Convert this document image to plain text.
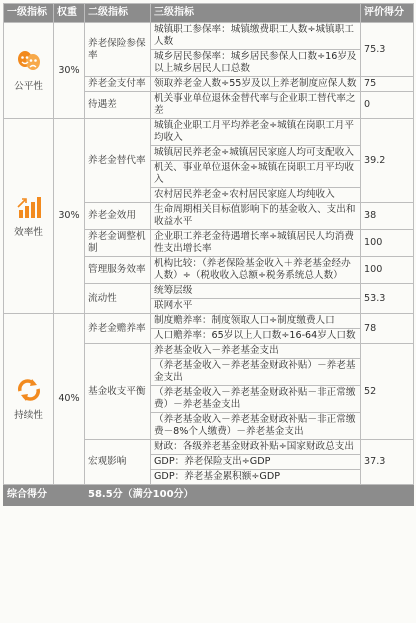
一级指标	权重	二级指标	三级指标	评价得分

公平性	30%	养老保险参保率	城镇职工参保率：城镇缴费职工人数÷城镇职工人数	75.3
			城乡居民参保率：城乡居民参保人口数÷16岁及以上城乡居民人口总数	
		养老金支付率	领取养老金人数÷55岁及以上养老制度应保人数	75
		待遇差	机关事业单位退休金替代率与企业职工替代率之差	0

效率性	30%	养老金替代率	城镇企业职工月平均养老金÷城镇在岗职工月平均收入	39.2
			城镇居民养老金÷城镇居民家庭人均可支配收入	
			机关、事业单位退休金÷城镇在岗职工月平均收入	
			农村居民养老金÷农村居民家庭人均纯收入	
		养老金效用	生命周期相关目标值影响下的基金收入、支出和收益水平	38
		养老金调整机制	企业职工养老金待遇增长率÷城镇居民人均消费性支出增长率	100
		管理服务效率	机构比较：（养老保险基金收入＋养老基金经办人数）÷（税收收入总额÷税务系统总人数）	100
		流动性	统筹层级	53.3
			联网水平	

持续性	40%	养老金赡养率	制度赡养率：制度领取人口÷制度缴费人口	78
			人口赡养率：65岁以上人口数÷16-64岁人口数	
		基金收支平衡	养老基金收入－养老基金支出	52
			（养老基金收入－养老基金财政补贴）－养老基金支出	
			（养老基金收入－养老基金财政补贴－非正常缴费）－养老基金支出	
			（养老基金收入－养老基金财政补贴－非正常缴费－8%个人缴费）－养老基金支出	
		宏观影响	财政：各级养老基金财政补贴÷国家财政总支出	37.3
			GDP：养老保险支出÷GDP	
			GDP：养老基金累积额÷GDP	
综合得分		58.5分（满分100分）		
